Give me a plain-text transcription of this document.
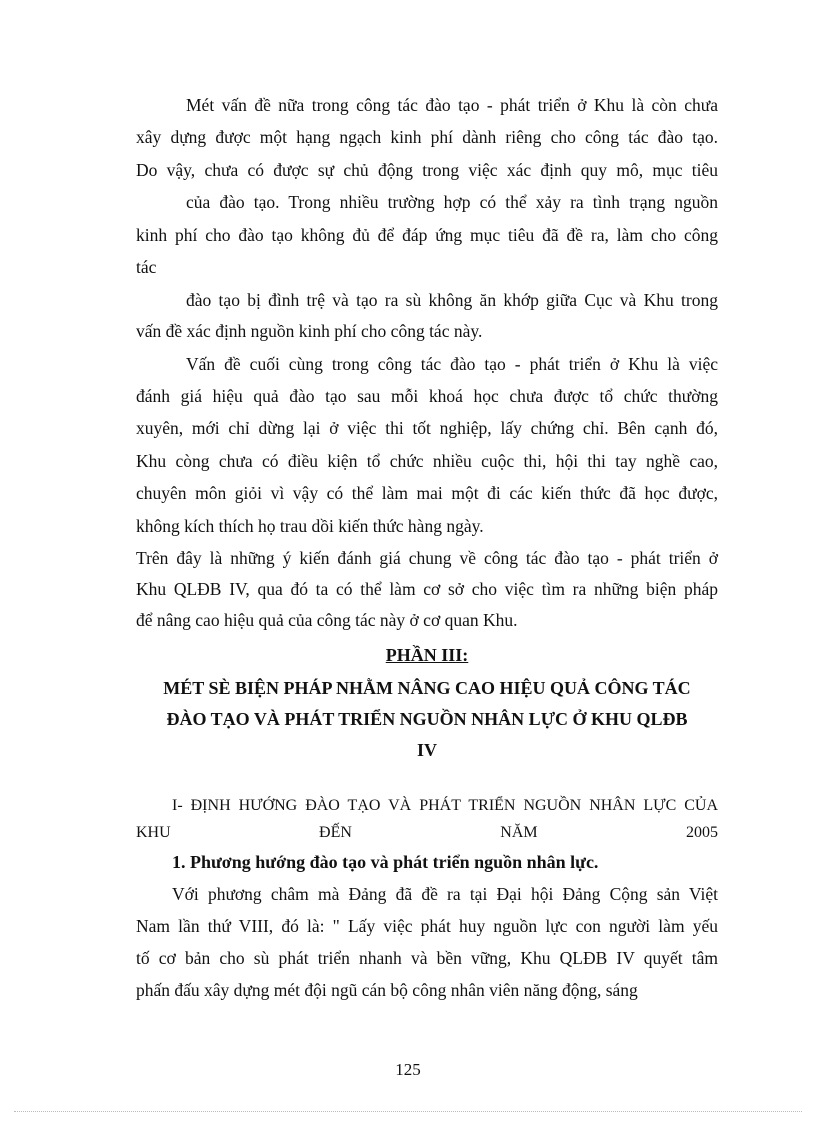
Mét vấn đề nữa trong công tác đào tạo - phát triển ở Khu là còn chưa
xây dựng được một hạng ngạch kinh phí dành riêng cho công tác đào tạo.
Do vậy, chưa có được sự chủ động trong việc xác định quy mô, mục tiêu
của đào tạo. Trong nhiều trường hợp có thể xảy ra tình trạng nguồn
kinh phí cho đào tạo không đủ để đáp ứng mục tiêu đã đề ra, làm cho công
tác
đào tạo bị đình trệ và tạo ra sù không ăn khớp giữa Cục và Khu trong
vấn đề xác định nguồn kinh phí cho công tác này.
Vấn đề cuối cùng trong công tác đào tạo - phát triển ở Khu là việc
đánh giá hiệu quả đào tạo sau mỗi khoá học chưa được tổ chức thường
xuyên, mới chỉ dừng lại ở việc thi tốt nghiệp, lấy chứng chỉ. Bên cạnh đó,
Khu còng chưa có điều kiện tổ chức nhiều cuộc thi, hội thi tay nghề cao,
chuyên môn giỏi vì vậy có thể làm mai một đi các kiến thức đã học được,
không kích thích họ trau dồi kiến thức hàng ngày.
Trên đây là những ý kiến đánh giá chung về công tác đào tạo - phát triển ở
Khu QLĐB IV, qua đó ta có thể làm cơ sở cho việc tìm ra những biện pháp
để nâng cao hiệu quả của công tác này ở cơ quan Khu.
PHẦN III:
MÉT SÈ BIỆN PHÁP NHẰM NÂNG CAO HIỆU QUẢ CÔNG TÁC
ĐÀO TẠO VÀ PHÁT TRIỂN NGUỒN NHÂN LỰC Ở KHU QLĐB
IV
I- ĐỊNH HƯỚNG ĐÀO TẠO VÀ PHÁT TRIỂN NGUỒN NHÂN LỰC CỦA
KHU ĐẾN NĂM 2005
1. Phương hướng đào tạo và phát triển nguồn nhân lực.
Với phương châm mà Đảng đã đề ra tại Đại hội Đảng Cộng sản Việt
Nam lần thứ VIII, đó là: " Lấy việc phát huy nguồn lực con người làm yếu
tố cơ bản cho sù phát triển nhanh và bền vững, Khu QLĐB IV quyết tâm
phấn đấu xây dựng mét đội ngũ cán bộ công nhân viên năng động, sáng
125
